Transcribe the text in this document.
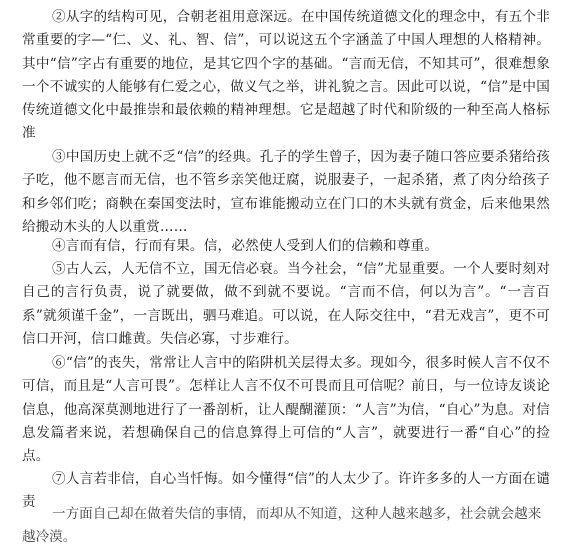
②从字的结构可见，合朝老祖用意深远。在中国传统道德文化的理念中，有五个非常重要的字—“仁、义、礼、智、信”，可以说这五个字涵盖了中国人理想的人格精神。其中“信”字占有重要的地位，是其它四个字的基础。“言而无信，不知其可”，很难想象一个不诚实的人能够有仁爱之心，做义气之举，讲礼貌之言。因此可以说，“信”是中国传统道德文化中最推崇和最依赖的精神理想。它是超越了时代和阶级的一种至高人格标准

③中国历史上就不乏“信”的经典。孔子的学生曾子，因为妻子随口答应要杀猪给孩子吃，他不愿言而无信，也不管乡亲笑他迂腐，说服妻子，一起杀猪，煮了肉分给孩子和乡邻们吃；商鞅在秦国变法时，宣布谁能搬动立在门口的木头就有赏金，后来他果然给搬动木头的人以重赏……

④言而有信，行而有果。信，必然使人受到人们的信赖和尊重。

⑤古人云，人无信不立，国无信必衰。当今社会，“信”尤显重要。一个人要时刻对自己的言行负责，说了就要做，做不到就不要说。“言而不信，何以为言”。“一言百系”就须谨千金”，一言既出，驷马难追。可以说，在人际交往中，“君无戏言”，更不可信口开河，信口雌黄。失信必寡，寸步难行。

⑥“信”的丧失，常常让人言中的陷阱机关层得太多。现如今，很多时候人言不仅不可信，而且是“人言可畏”。怎样让人言不仅不可畏而且可信呢？前日，与一位诗友谈论信息，他高深莫测地进行了一番剖析，让人醍醐灌顶：“人言”为信，“自心”为息。对信息发篇者来说，若想确保自己的信息算得上可信的“人言”，就要进行一番“自心”的捡点。

⑦人言若非信，自心当忏悔。如今懂得“信”的人太少了。许许多多的人一方面在谴责

一方面自己却在做着失信的事情，而却从不知道，这种人越来越多，社会就会越来越冷漠。
